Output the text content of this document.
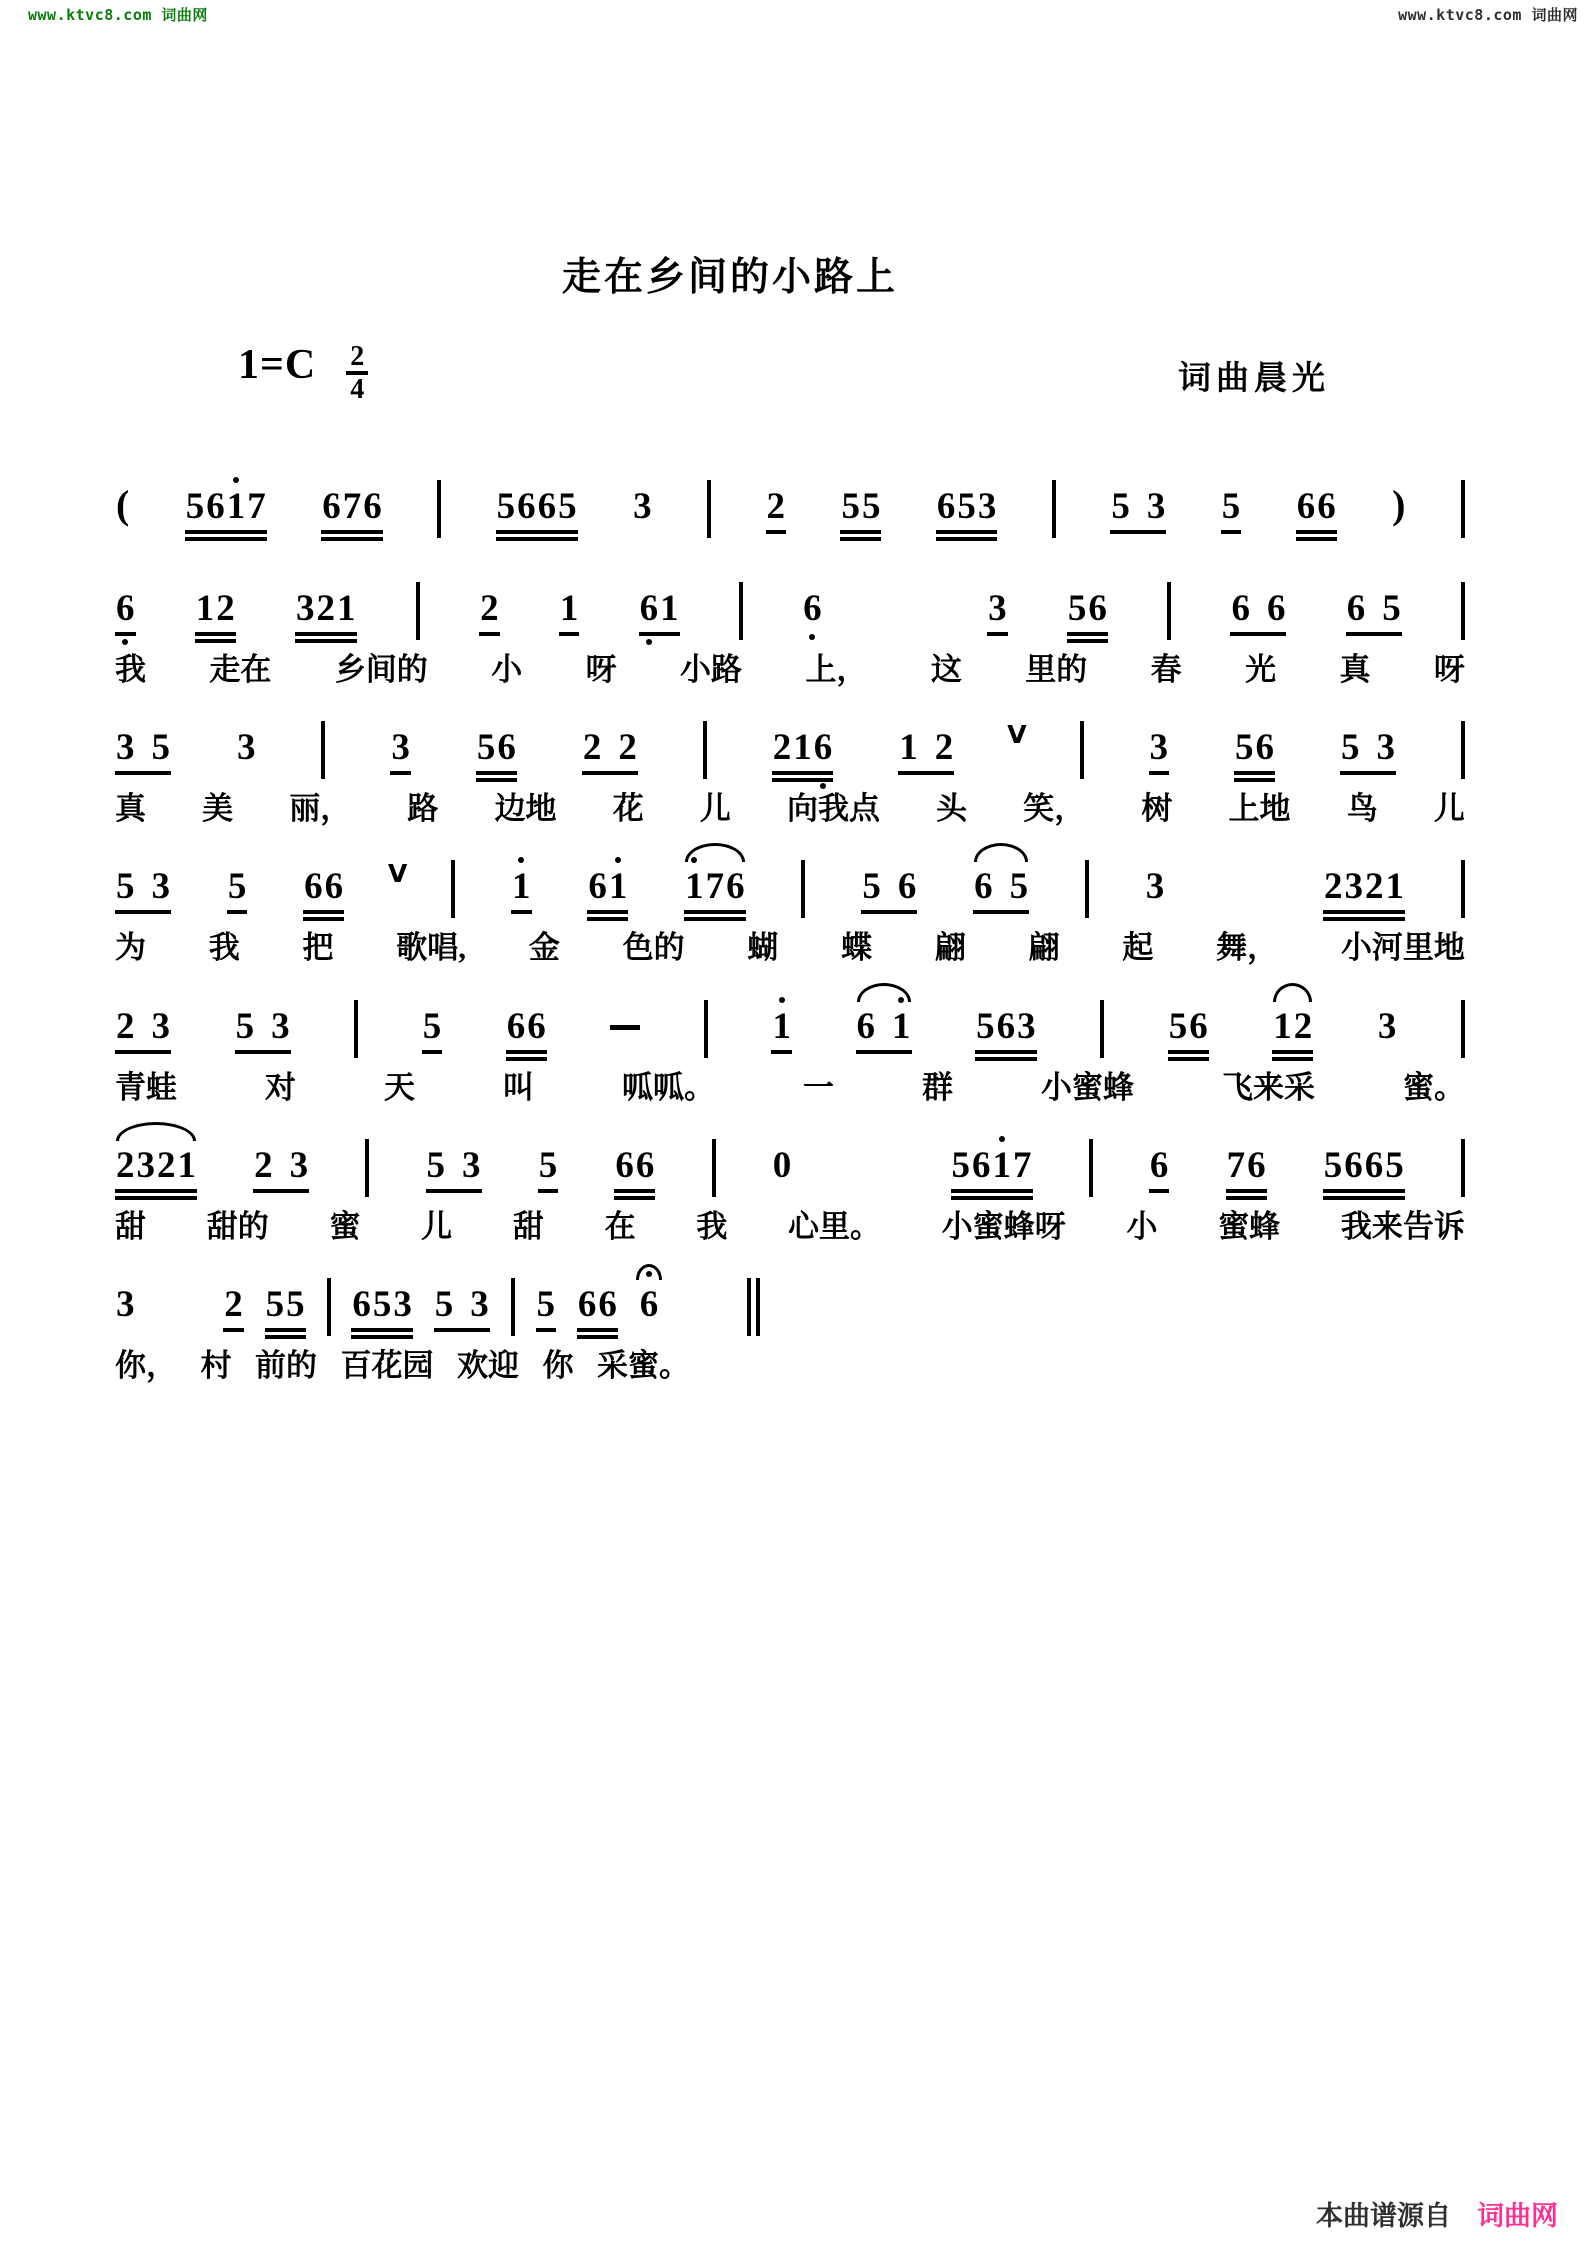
www.ktvc8.com 词曲网	www.ktvc8.com 词曲网
走在乡间的小路上
$1=C \frac{2}{4}$	词曲晨光
( 5 6 1 7 6 7 6	5 6 6 5 3	2 5 5 6 5 3	5
3 5 6 6 )
6 1 2 3 2 1	2 1 6 1	6	3 5 6	6
6 6
5
我 走在 乡间的 小 呀 小路 上， 这 里的 春 光 真 呀
3
5 3	3 5 6 2
2	2 1 6 1
2 V	3 5 6 5
3
真 美 丽， 路 边地 花 儿 向我点 头 笑， 树 上地 鸟 儿
5
3 5 6 6 V	1 6 1 1 7 6	5
6 6
5	3	2 3 2 1
为 我 把 歌唱, 金 色的 蝴 蝶 翩 翩 起 舞， 小河里地
2
3 5
3	5 6 6	1 6
1 5 6 3	5 6 1 2 3
青蛙	对	天	叫	呱呱。	一	群	小蜜蜂	飞来采	蜜。
2 3 2 1 2
3	5
3 5 6 6	0	5 6 1 7	6 7 6 5 6 6 5
甜 甜的 蜜 儿 甜 在 我 心里。 小蜜蜂呀 小 蜜蜂 我来告诉
3 2 5 5 6 5 3 5
3 5 6 6 6
你， 村 前的 百花园 欢迎 你 采蜜。
本曲谱源自 词曲网
